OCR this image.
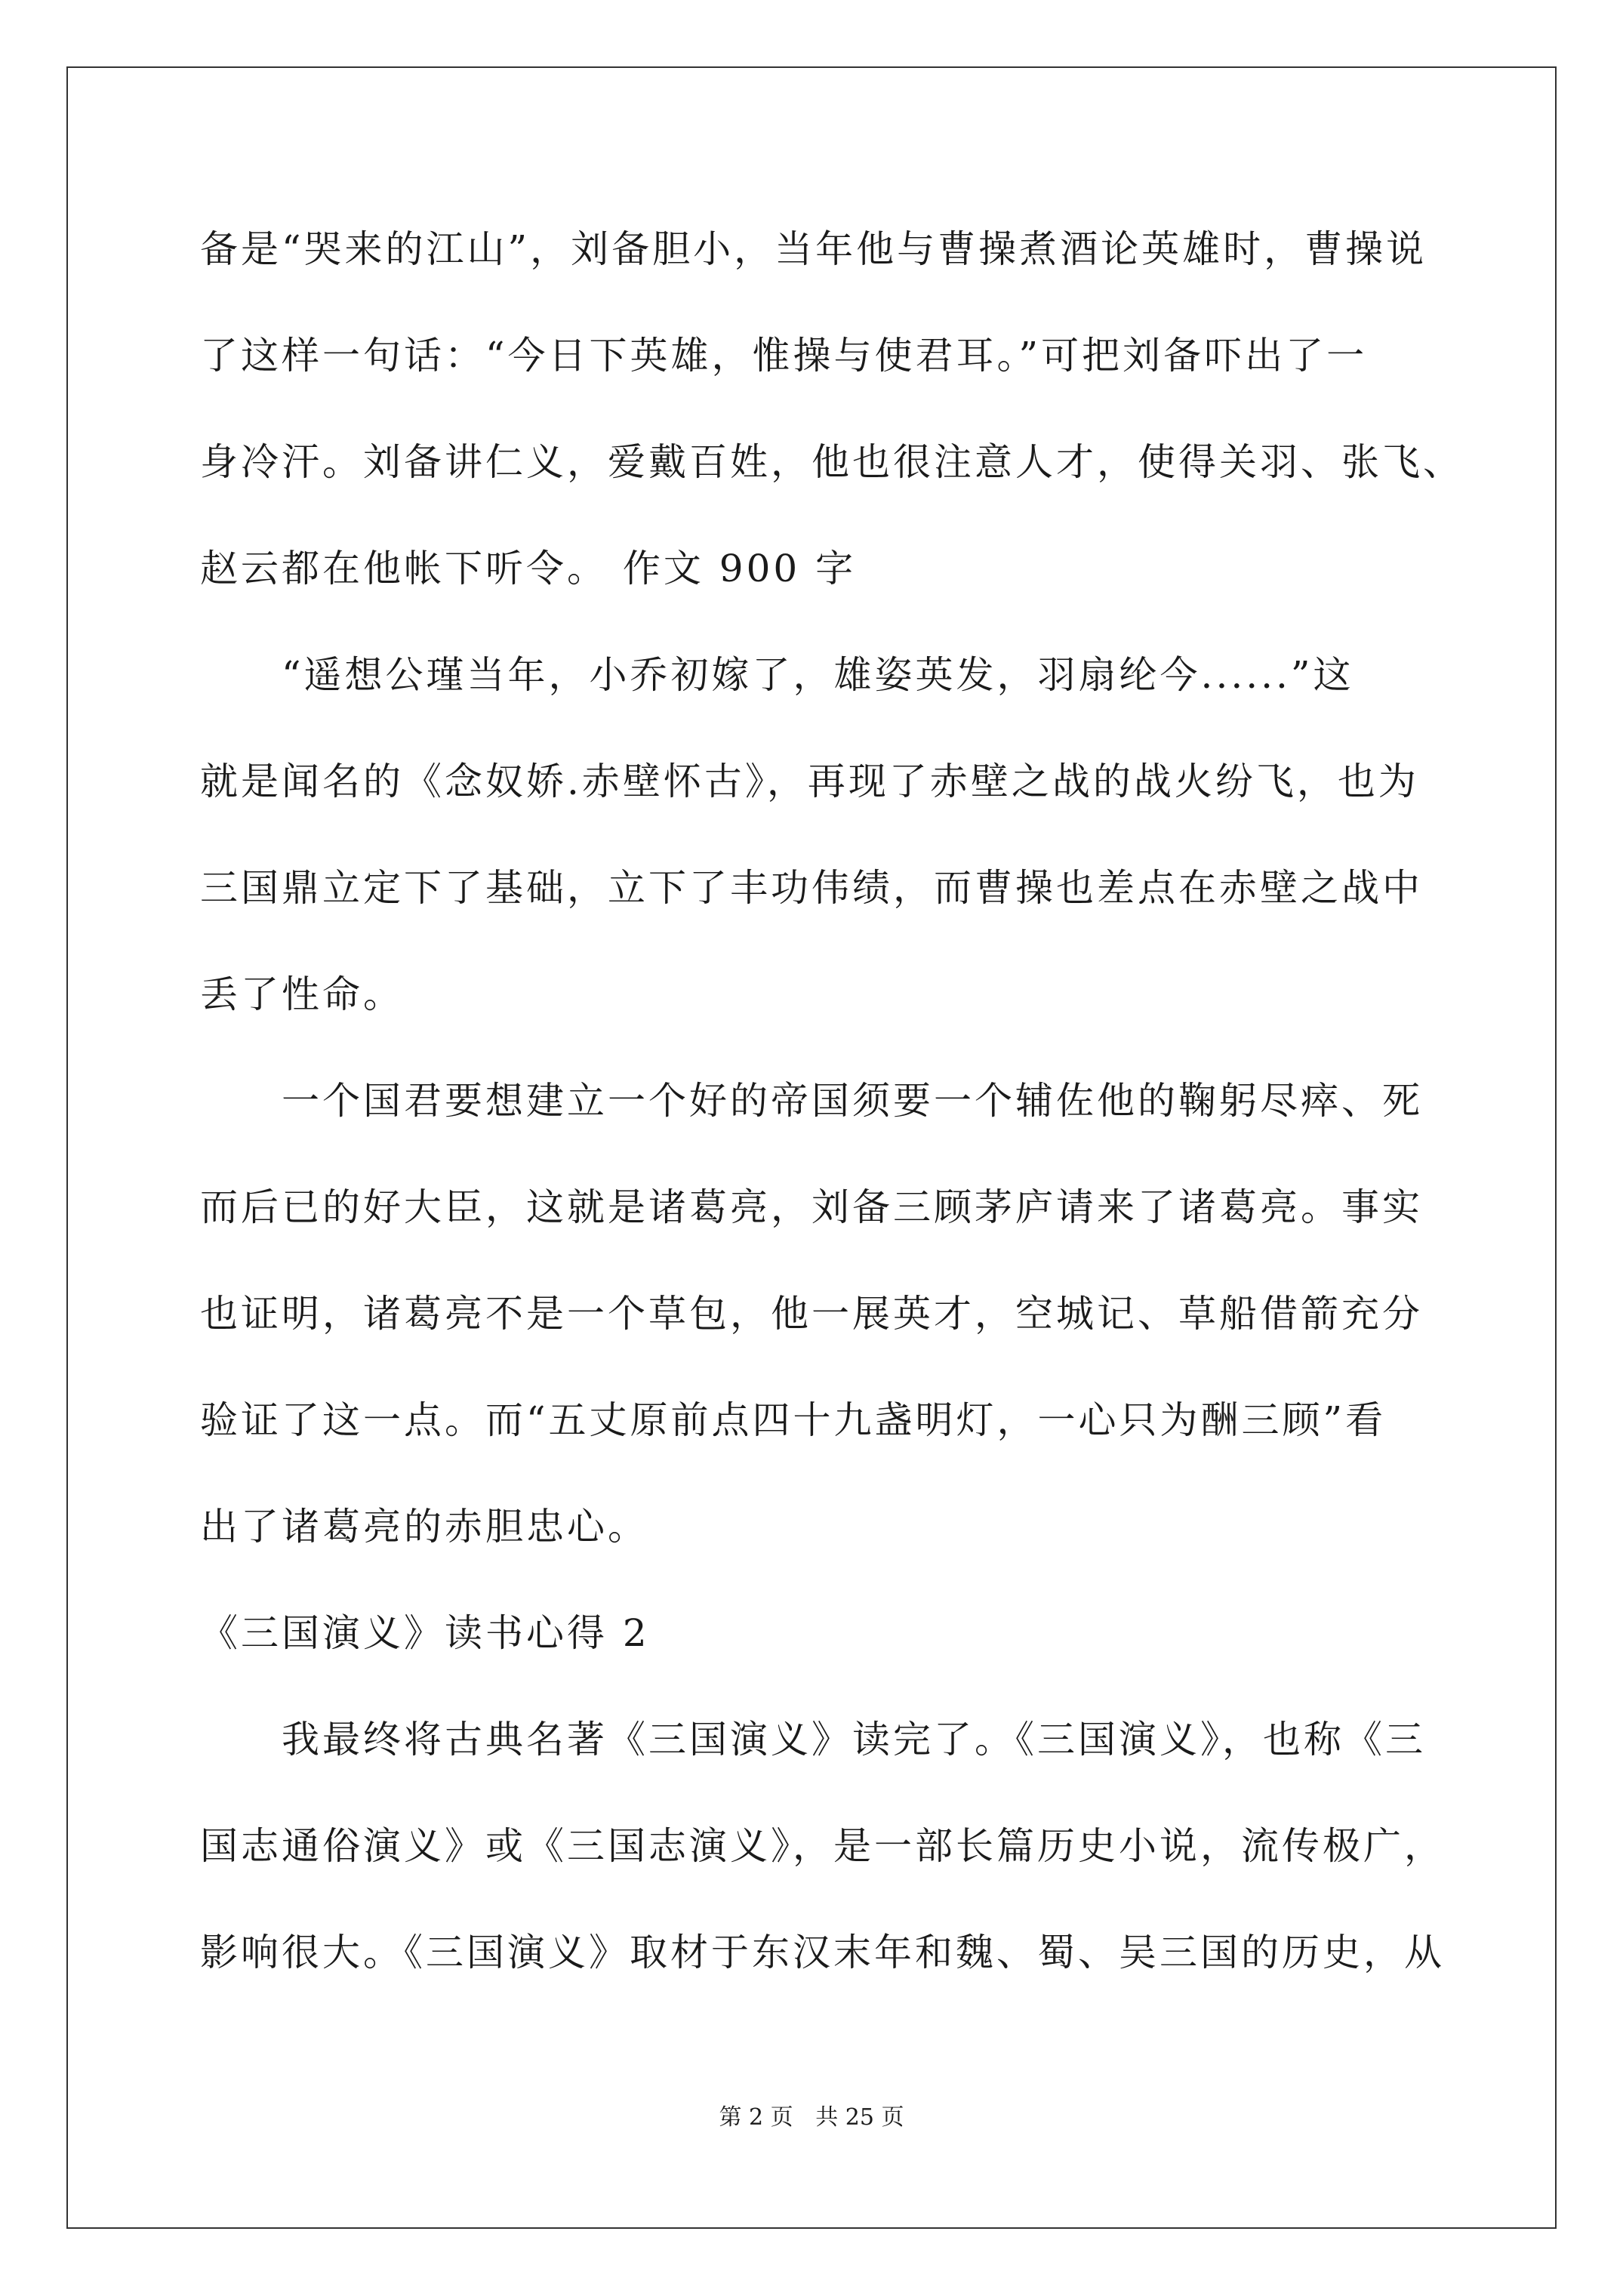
备是“哭来的江山”，刘备胆小，当年他与曹操煮酒论英雄时，曹操说
了这样一句话：“今日下英雄，惟操与使君耳。”可把刘备吓出了一
身冷汗。刘备讲仁义，爱戴百姓，他也很注意人才，使得关羽、张飞、
赵云都在他帐下听令。 作文 900 字
　　“遥想公瑾当年，小乔初嫁了，雄姿英发，羽扇纶今......”这
就是闻名的《念奴娇.赤壁怀古》，再现了赤壁之战的战火纷飞，也为
三国鼎立定下了基础，立下了丰功伟绩，而曹操也差点在赤壁之战中
丢了性命。
　　一个国君要想建立一个好的帝国须要一个辅佐他的鞠躬尽瘁、死
而后已的好大臣，这就是诸葛亮，刘备三顾茅庐请来了诸葛亮。事实
也证明，诸葛亮不是一个草包，他一展英才，空城记、草船借箭充分
验证了这一点。而“五丈原前点四十九盏明灯，一心只为酬三顾”看
出了诸葛亮的赤胆忠心。
《三国演义》读书心得 2
　　我最终将古典名著《三国演义》读完了。《三国演义》，也称《三
国志通俗演义》或《三国志演义》，是一部长篇历史小说，流传极广，
影响很大。《三国演义》取材于东汉末年和魏、蜀、吴三国的历史，从
第 2 页 共 25 页
